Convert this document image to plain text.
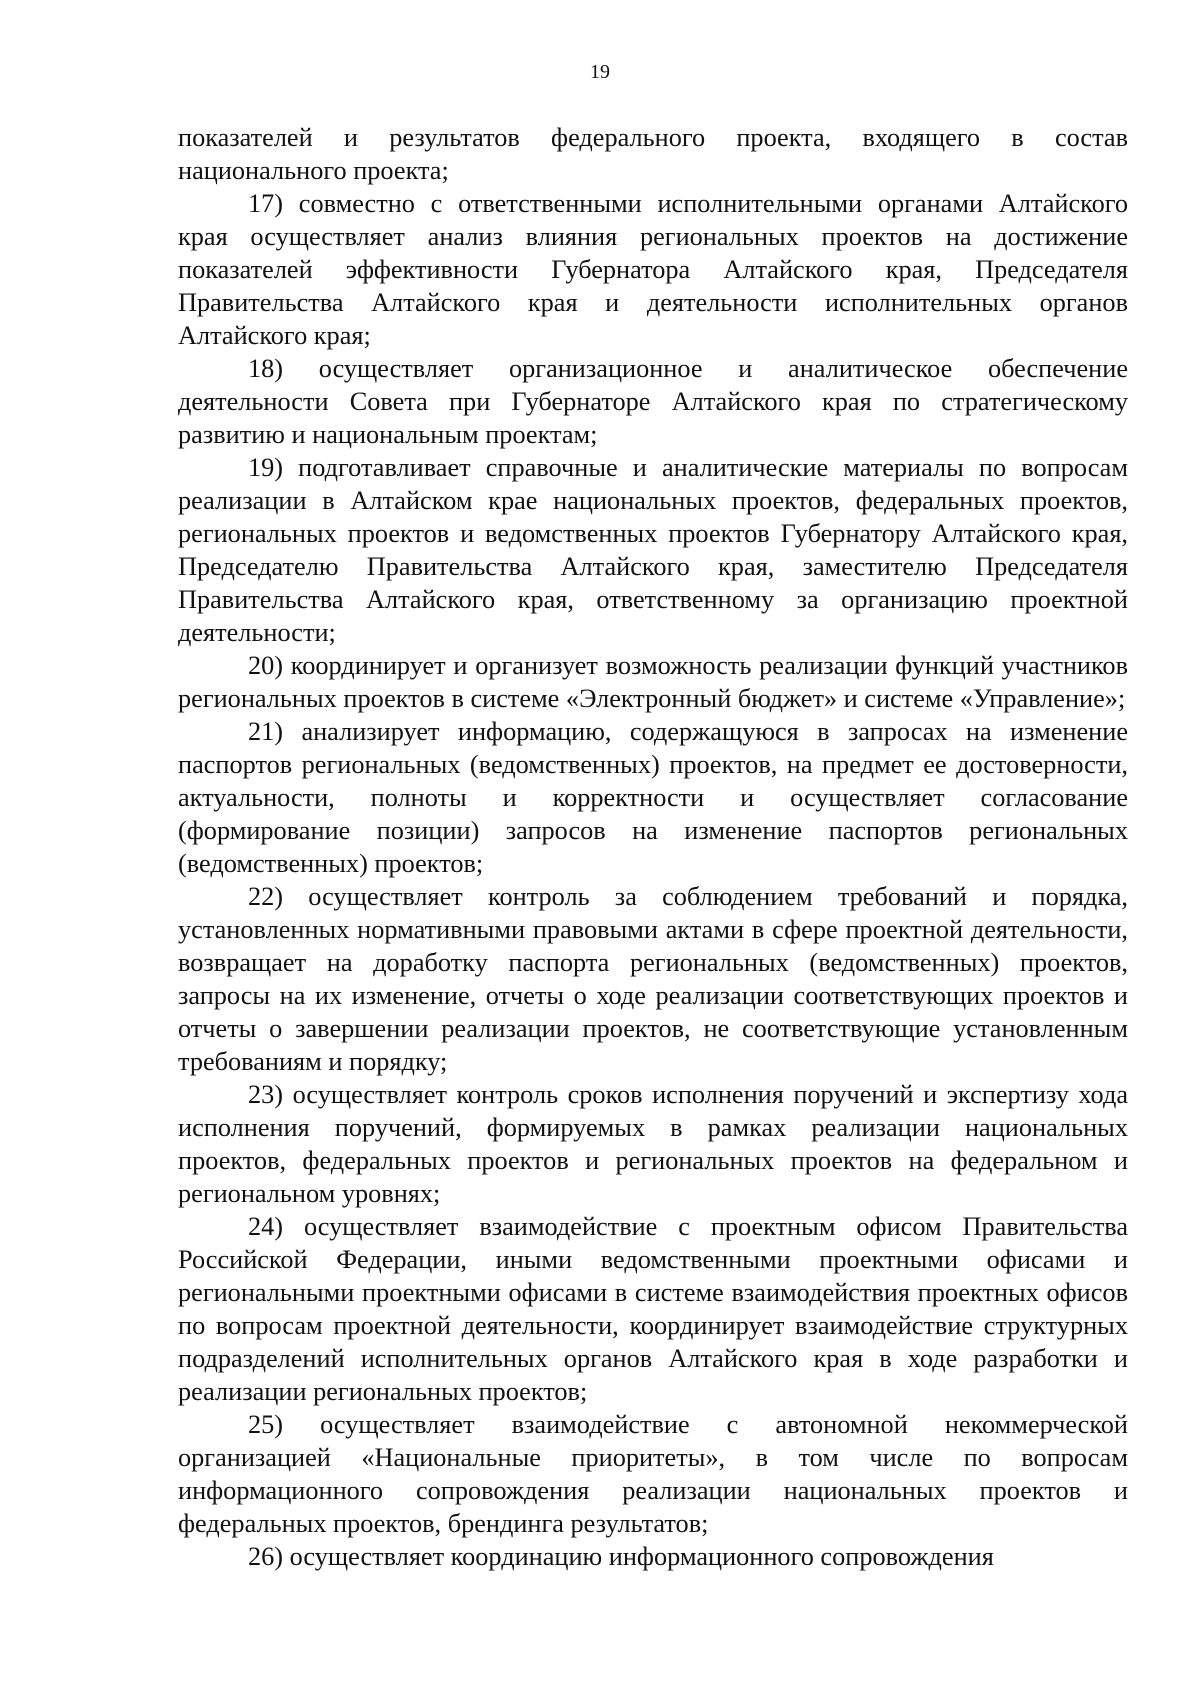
19

показателей и результатов федерального проекта, входящего в состав национального проекта;

17) совместно с ответственными исполнительными органами Алтайского края осуществляет анализ влияния региональных проектов на достижение показателей эффективности Губернатора Алтайского края, Председателя Правительства Алтайского края и деятельности исполнительных органов Алтайского края;

18) осуществляет организационное и аналитическое обеспечение деятельности Совета при Губернаторе Алтайского края по стратегическому развитию и национальным проектам;

19) подготавливает справочные и аналитические материалы по вопросам реализации в Алтайском крае национальных проектов, федеральных проектов, региональных проектов и ведомственных проектов Губернатору Алтайского края, Председателю Правительства Алтайского края, заместителю Председателя Правительства Алтайского края, ответственному за организацию проектной деятельности;

20) координирует и организует возможность реализации функций участников региональных проектов в системе «Электронный бюджет» и системе «Управление»;

21) анализирует информацию, содержащуюся в запросах на изменение паспортов региональных (ведомственных) проектов, на предмет ее достоверности, актуальности, полноты и корректности и осуществляет согласование (формирование позиции) запросов на изменение паспортов региональных (ведомственных) проектов;

22) осуществляет контроль за соблюдением требований и порядка, установленных нормативными правовыми актами в сфере проектной деятельности, возвращает на доработку паспорта региональных (ведомственных) проектов, запросы на их изменение, отчеты о ходе реализации соответствующих проектов и отчеты о завершении реализации проектов, не соответствующие установленным требованиям и порядку;

23) осуществляет контроль сроков исполнения поручений и экспертизу хода исполнения поручений, формируемых в рамках реализации национальных проектов, федеральных проектов и региональных проектов на федеральном и региональном уровнях;

24) осуществляет взаимодействие с проектным офисом Правительства Российской Федерации, иными ведомственными проектными офисами и региональными проектными офисами в системе взаимодействия проектных офисов по вопросам проектной деятельности, координирует взаимодействие структурных подразделений исполнительных органов Алтайского края в ходе разработки и реализации региональных проектов;

25) осуществляет взаимодействие с автономной некоммерческой организацией «Национальные приоритеты», в том числе по вопросам информационного сопровождения реализации национальных проектов и федеральных проектов, брендинга результатов;

26) осуществляет координацию информационного сопровождения
